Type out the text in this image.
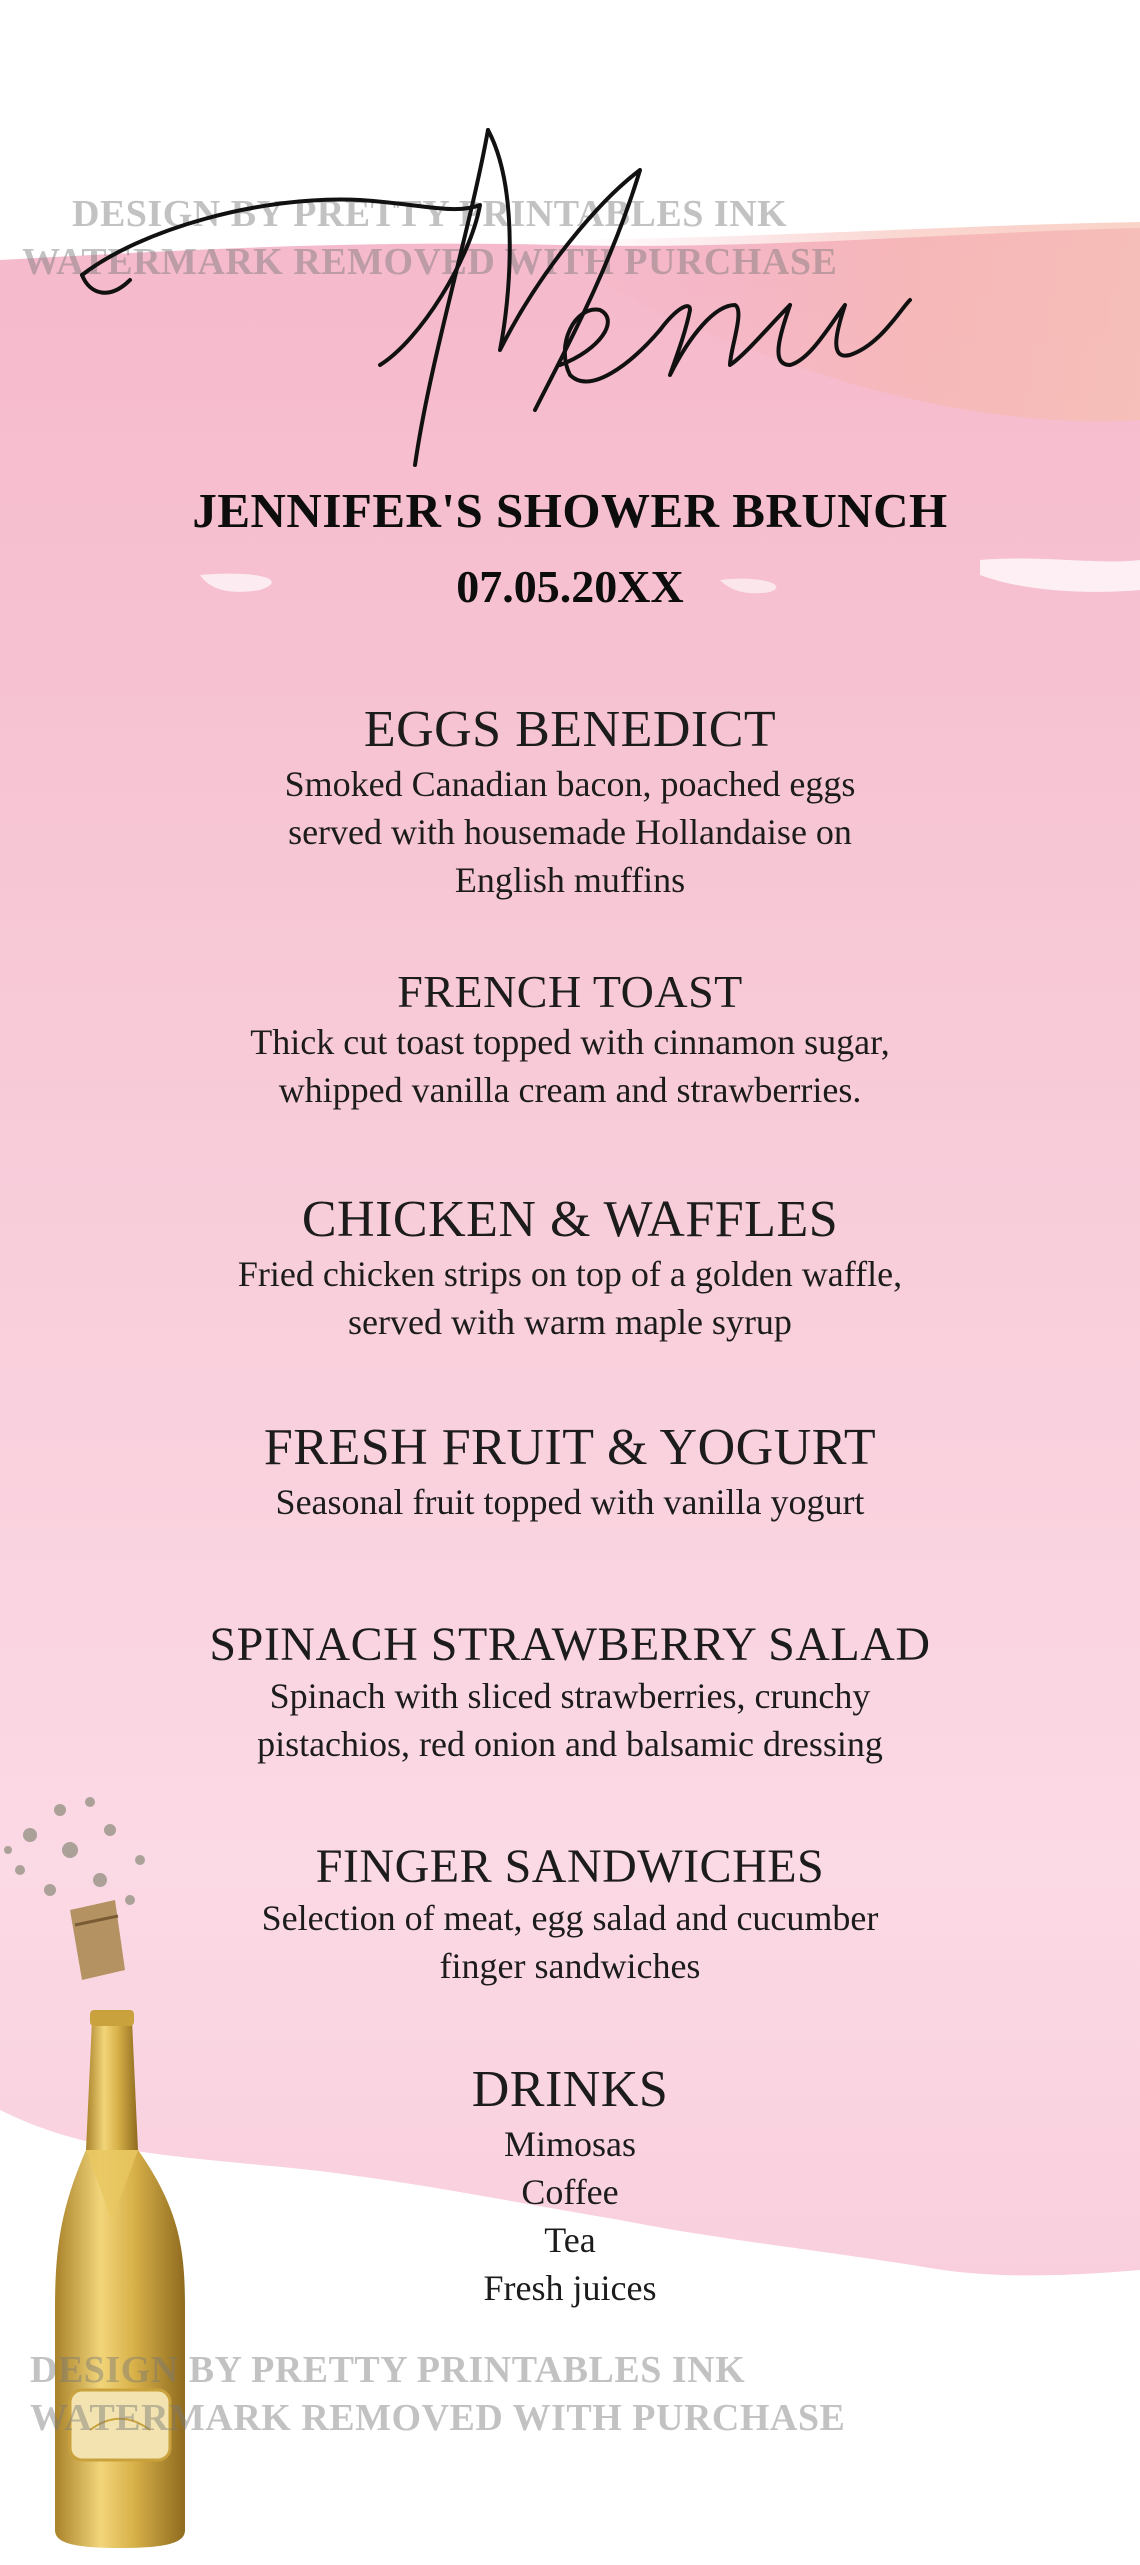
DESIGN BY PRETTY PRINTABLES INK
WATERMARK REMOVED WITH PURCHASE
Menu
JENNIFER'S SHOWER BRUNCH
07.05.20XX
EGGS BENEDICT
Smoked Canadian bacon, poached eggs
served with housemade Hollandaise on
English muffins
FRENCH TOAST
Thick cut toast topped with cinnamon sugar,
whipped vanilla cream and strawberries.
CHICKEN & WAFFLES
Fried chicken strips on top of a golden waffle,
served with warm maple syrup
FRESH FRUIT & YOGURT
Seasonal fruit topped with vanilla yogurt
SPINACH STRAWBERRY SALAD
Spinach with sliced strawberries, crunchy
pistachios, red onion and balsamic dressing
FINGER SANDWICHES
Selection of meat, egg salad and cucumber
finger sandwiches
DRINKS
Mimosas
Coffee
Tea
Fresh juices
DESIGN BY PRETTY PRINTABLES INK
WATERMARK REMOVED WITH PURCHASE
